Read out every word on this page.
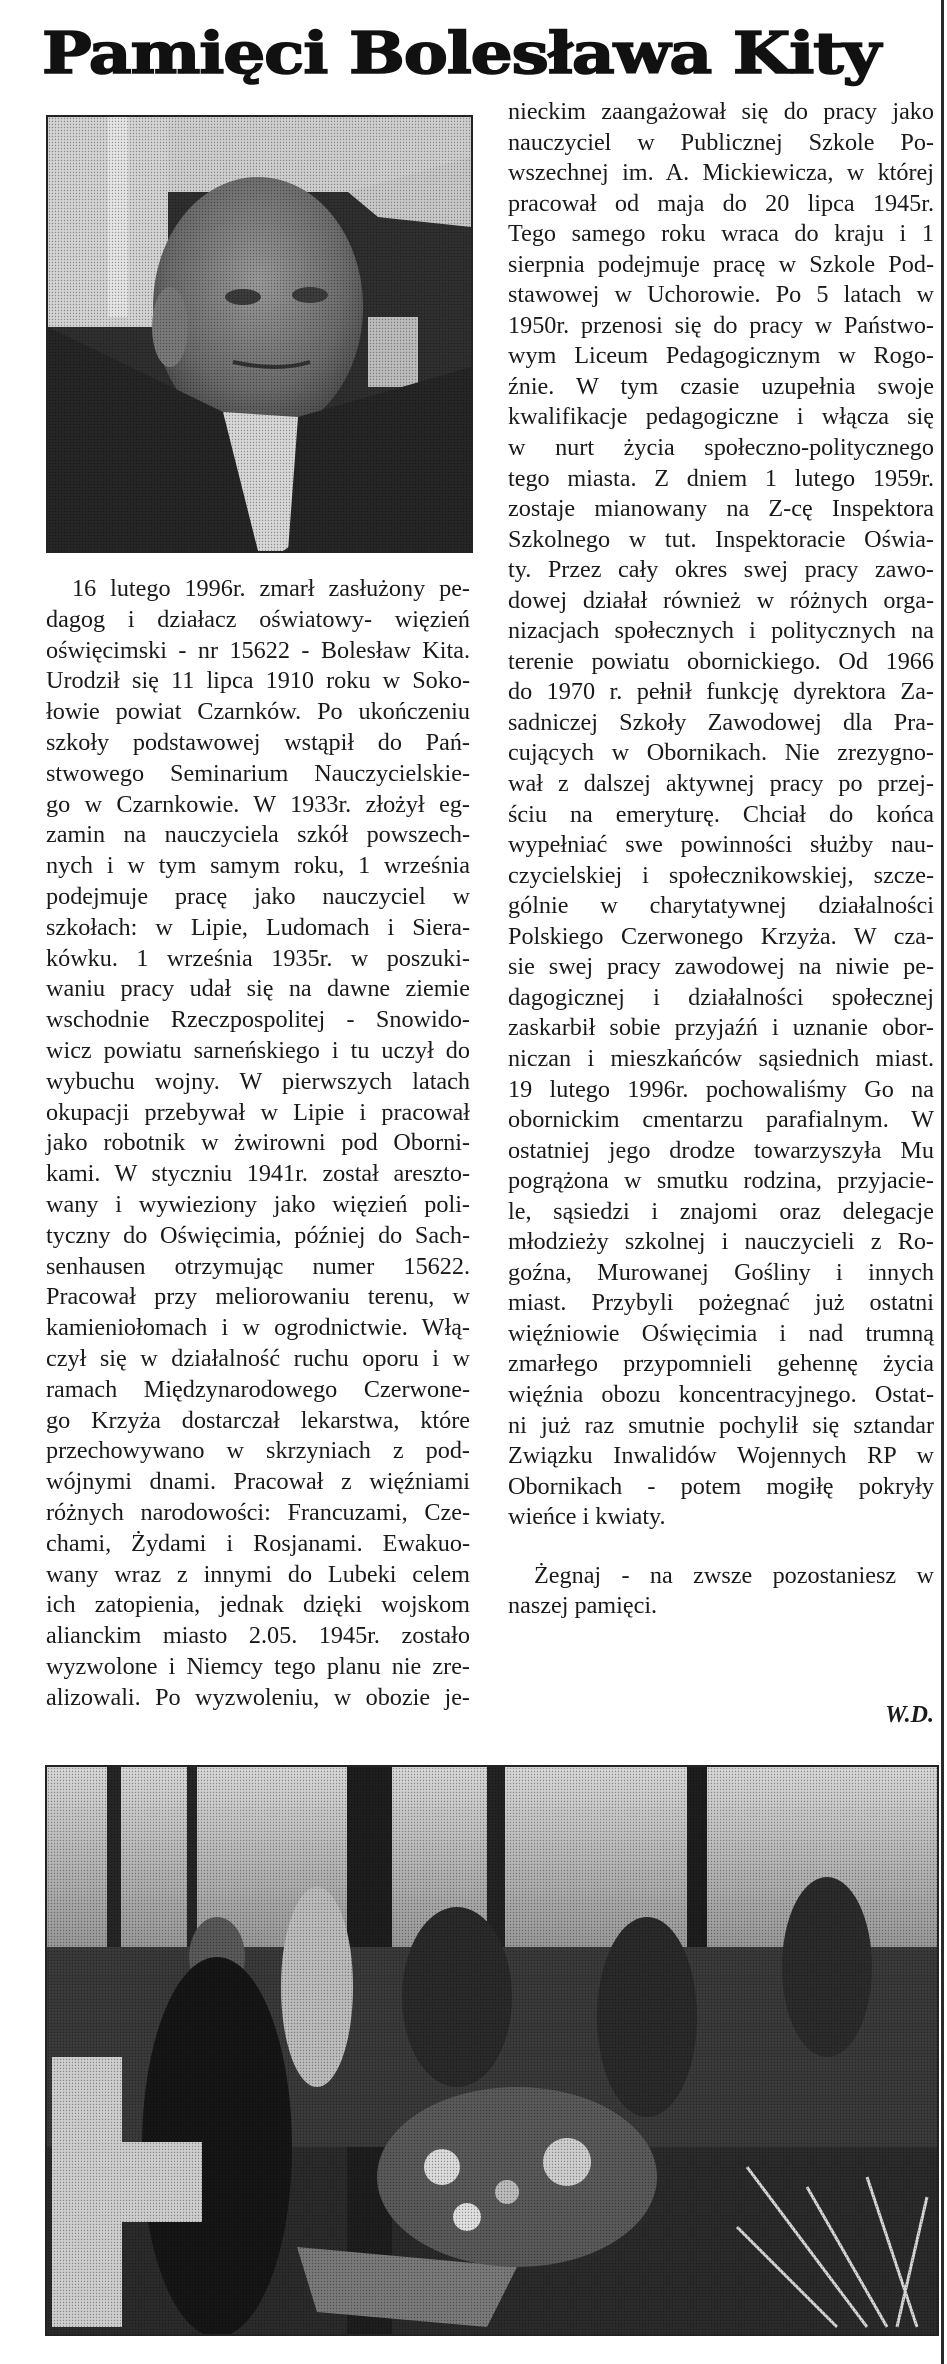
Pamięci Bolesława Kity
16 lutego 1996r. zmarł zasłużony pe-
dagog i działacz oświatowy- więzień
oświęcimski - nr 15622 - Bolesław Kita.
Urodził się 11 lipca 1910 roku w Soko-
łowie powiat Czarnków. Po ukończeniu
szkoły podstawowej wstąpił do Pań-
stwowego Seminarium Nauczycielskie-
go w Czarnkowie. W 1933r. złożył eg-
zamin na nauczyciela szkół powszech-
nych i w tym samym roku, 1 września
podejmuje pracę jako nauczyciel w
szkołach: w Lipie, Ludomach i Siera-
kówku. 1 września 1935r. w poszuki-
waniu pracy udał się na dawne ziemie
wschodnie Rzeczpospolitej - Snowido-
wicz powiatu sarneńskiego i tu uczył do
wybuchu wojny. W pierwszych latach
okupacji przebywał w Lipie i pracował
jako robotnik w żwirowni pod Oborni-
kami. W styczniu 1941r. został areszto-
wany i wywieziony jako więzień poli-
tyczny do Oświęcimia, później do Sach-
senhausen otrzymując numer 15622.
Pracował przy meliorowaniu terenu, w
kamieniołomach i w ogrodnictwie. Włą-
czył się w działalność ruchu oporu i w
ramach Międzynarodowego Czerwone-
go Krzyża dostarczał lekarstwa, które
przechowywano w skrzyniach z pod-
wójnymi dnami. Pracował z więźniami
różnych narodowości: Francuzami, Cze-
chami, Żydami i Rosjanami. Ewakuo-
wany wraz z innymi do Lubeki celem
ich zatopienia, jednak dzięki wojskom
alianckim miasto 2.05. 1945r. zostało
wyzwolone i Niemcy tego planu nie zre-
alizowali. Po wyzwoleniu, w obozie je-
nieckim zaangażował się do pracy jako
nauczyciel w Publicznej Szkole Po-
wszechnej im. A. Mickiewicza, w której
pracował od maja do 20 lipca 1945r.
Tego samego roku wraca do kraju i 1
sierpnia podejmuje pracę w Szkole Pod-
stawowej w Uchorowie. Po 5 latach w
1950r. przenosi się do pracy w Państwo-
wym Liceum Pedagogicznym w Rogo-
źnie. W tym czasie uzupełnia swoje
kwalifikacje pedagogiczne i włącza się
w nurt życia społeczno-politycznego
tego miasta. Z dniem 1 lutego 1959r.
zostaje mianowany na Z-cę Inspektora
Szkolnego w tut. Inspektoracie Oświa-
ty. Przez cały okres swej pracy zawo-
dowej działał również w różnych orga-
nizacjach społecznych i politycznych na
terenie powiatu obornickiego. Od 1966
do 1970 r. pełnił funkcję dyrektora Za-
sadniczej Szkoły Zawodowej dla Pra-
cujących w Obornikach. Nie zrezygno-
wał z dalszej aktywnej pracy po przej-
ściu na emeryturę. Chciał do końca
wypełniać swe powinności służby nau-
czycielskiej i społecznikowskiej, szcze-
gólnie w charytatywnej działalności
Polskiego Czerwonego Krzyża. W cza-
sie swej pracy zawodowej na niwie pe-
dagogicznej i działalności społecznej
zaskarbił sobie przyjaźń i uznanie obor-
niczan i mieszkańców sąsiednich miast.
19 lutego 1996r. pochowaliśmy Go na
obornickim cmentarzu parafialnym. W
ostatniej jego drodze towarzyszyła Mu
pogrążona w smutku rodzina, przyjacie-
le, sąsiedzi i znajomi oraz delegacje
młodzieży szkolnej i nauczycieli z Ro-
goźna, Murowanej Gośliny i innych
miast. Przybyli pożegnać już ostatni
więźniowie Oświęcimia i nad trumną
zmarłego przypomnieli gehennę życia
więźnia obozu koncentracyjnego. Ostat-
ni już raz smutnie pochylił się sztandar
Związku Inwalidów Wojennych RP w
Obornikach - potem mogiłę pokryły
wieńce i kwiaty.
Żegnaj - na zwsze pozostaniesz w
naszej pamięci.
W.D.
